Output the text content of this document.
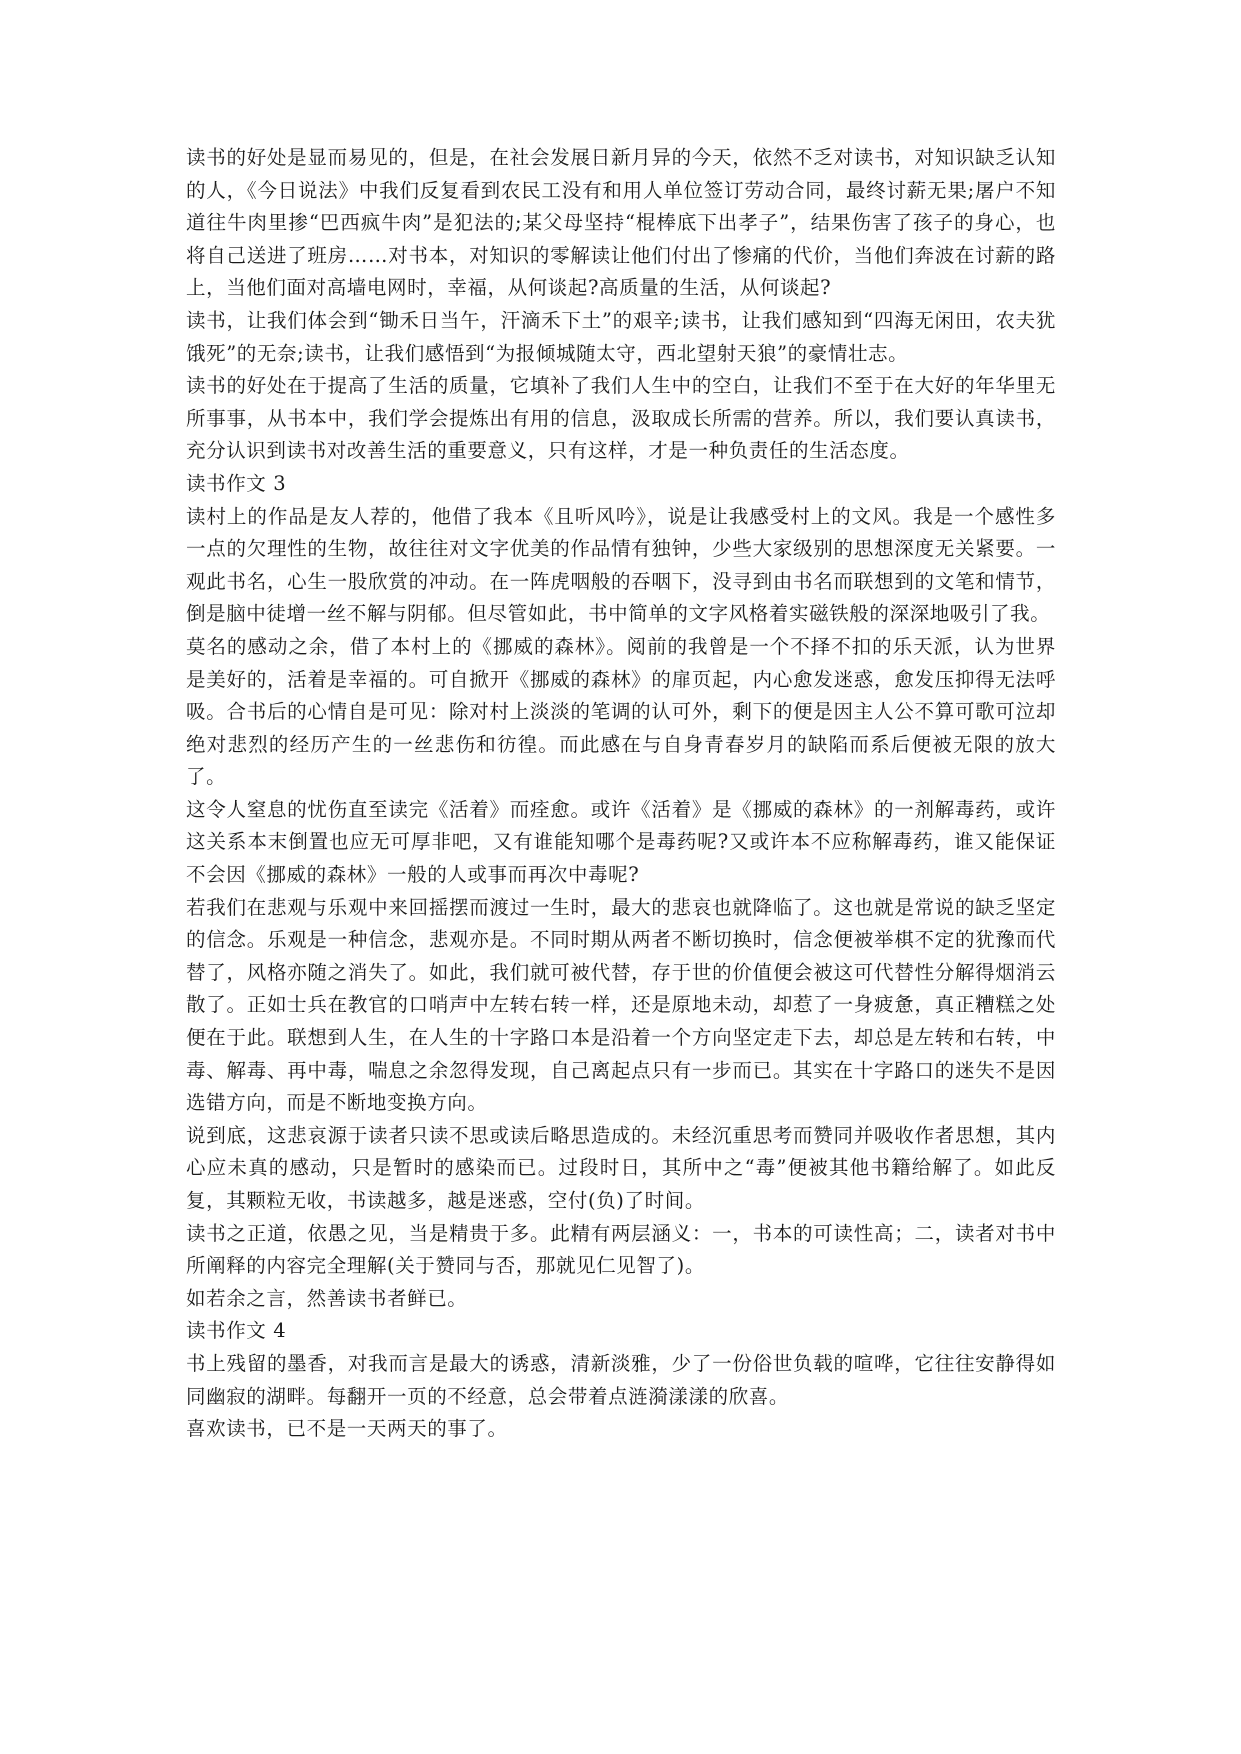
读书的好处是显而易见的，但是，在社会发展日新月异的今天，依然不乏对读书，对知识缺乏认知的人，《今日说法》中我们反复看到农民工没有和用人单位签订劳动合同，最终讨薪无果;屠户不知道往牛肉里掺“巴西疯牛肉”是犯法的;某父母坚持“棍棒底下出孝子”，结果伤害了孩子的身心，也将自己送进了班房……对书本，对知识的零解读让他们付出了惨痛的代价，当他们奔波在讨薪的路上，当他们面对高墙电网时，幸福，从何谈起?高质量的生活，从何谈起?

读书，让我们体会到“锄禾日当午，汗滴禾下土”的艰辛;读书，让我们感知到“四海无闲田，农夫犹饿死”的无奈;读书，让我们感悟到“为报倾城随太守，西北望射天狼”的豪情壮志。

读书的好处在于提高了生活的质量，它填补了我们人生中的空白，让我们不至于在大好的年华里无所事事，从书本中，我们学会提炼出有用的信息，汲取成长所需的营养。所以，我们要认真读书，充分认识到读书对改善生活的重要意义，只有这样，才是一种负责任的生活态度。

读书作文 3

读村上的作品是友人荐的，他借了我本《且听风吟》，说是让我感受村上的文风。我是一个感性多一点的欠理性的生物，故往往对文字优美的作品情有独钟，少些大家级别的思想深度无关紧要。一观此书名，心生一股欣赏的冲动。在一阵虎咽般的吞咽下，没寻到由书名而联想到的文笔和情节，倒是脑中徒增一丝不解与阴郁。但尽管如此，书中简单的文字风格着实磁铁般的深深地吸引了我。

莫名的感动之余，借了本村上的《挪威的森林》。阅前的我曾是一个不择不扣的乐天派，认为世界是美好的，活着是幸福的。可自掀开《挪威的森林》的扉页起，内心愈发迷惑，愈发压抑得无法呼吸。合书后的心情自是可见：除对村上淡淡的笔调的认可外，剩下的便是因主人公不算可歌可泣却绝对悲烈的经历产生的一丝悲伤和彷徨。而此感在与自身青春岁月的缺陷而系后便被无限的放大了。

这令人窒息的忧伤直至读完《活着》而痊愈。或许《活着》是《挪威的森林》的一剂解毒药，或许这关系本末倒置也应无可厚非吧，又有谁能知哪个是毒药呢?又或许本不应称解毒药，谁又能保证不会因《挪威的森林》一般的人或事而再次中毒呢?

若我们在悲观与乐观中来回摇摆而渡过一生时，最大的悲哀也就降临了。这也就是常说的缺乏坚定的信念。乐观是一种信念，悲观亦是。不同时期从两者不断切换时，信念便被举棋不定的犹豫而代替了，风格亦随之消失了。如此，我们就可被代替，存于世的价值便会被这可代替性分解得烟消云散了。正如士兵在教官的口哨声中左转右转一样，还是原地未动，却惹了一身疲惫，真正糟糕之处便在于此。联想到人生，在人生的十字路口本是沿着一个方向坚定走下去，却总是左转和右转，中毒、解毒、再中毒，喘息之余忽得发现，自己离起点只有一步而已。其实在十字路口的迷失不是因选错方向，而是不断地变换方向。

说到底，这悲哀源于读者只读不思或读后略思造成的。未经沉重思考而赞同并吸收作者思想，其内心应未真的感动，只是暂时的感染而已。过段时日，其所中之“毒”便被其他书籍给解了。如此反复，其颗粒无收，书读越多，越是迷惑，空付(负)了时间。

读书之正道，依愚之见，当是精贵于多。此精有两层涵义：一，书本的可读性高；二，读者对书中所阐释的内容完全理解(关于赞同与否，那就见仁见智了)。

如若余之言，然善读书者鲜已。

读书作文 4

书上残留的墨香，对我而言是最大的诱惑，清新淡雅，少了一份俗世负载的喧哗，它往往安静得如同幽寂的湖畔。每翻开一页的不经意，总会带着点涟漪漾漾的欣喜。

喜欢读书，已不是一天两天的事了。
